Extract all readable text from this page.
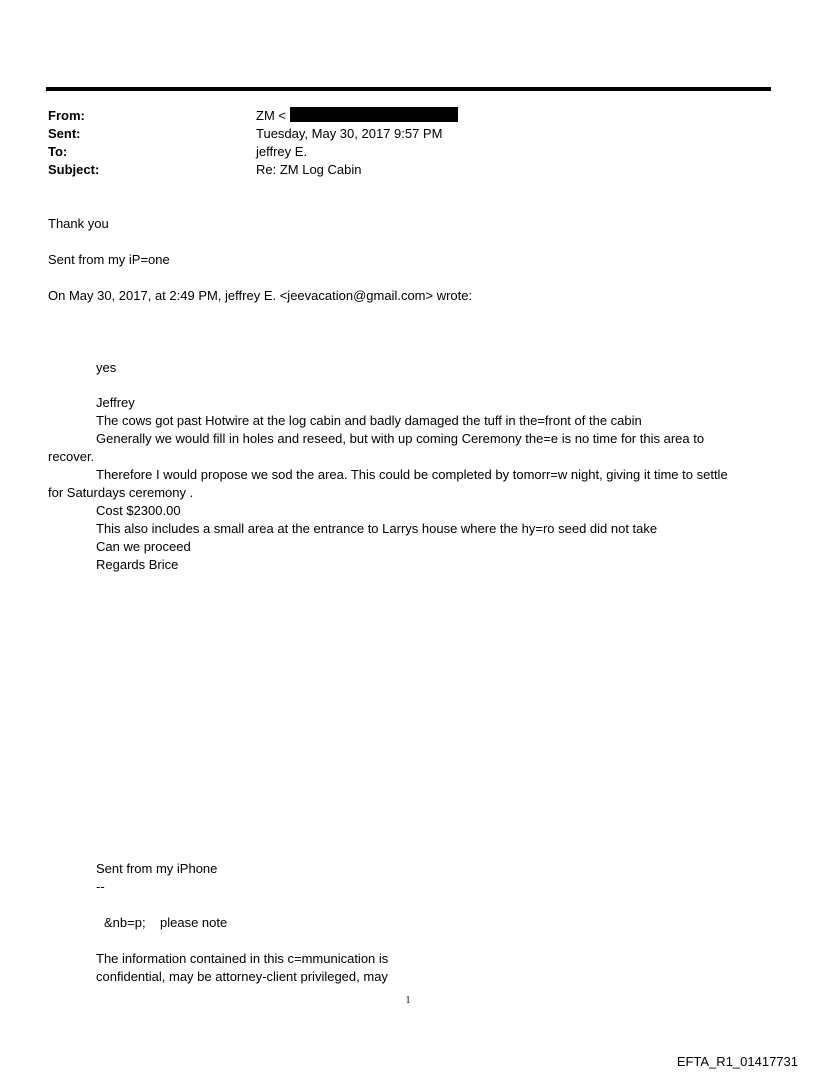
From:	ZM <
Sent:	Tuesday, May 30, 2017 9:57 PM
To:	jeffrey E.
Subject:	Re: ZM Log Cabin
Thank you
Sent from my iP=one
On May 30, 2017, at 2:49 PM, jeffrey E. <jeevacation@gmail.com> wrote:
yes
Jeffrey
The cows got past Hotwire at the log cabin and badly damaged the tuff in the=front of the cabin
Generally we would fill in holes and reseed, but with up coming Ceremony the=e is no time for this area to
recover.
Therefore I would propose we sod the area. This could be completed by tomorr=w night, giving it time to settle
for Saturdays ceremony .
Cost $2300.00
This also includes a small area at the entrance to Larrys house where the hy=ro seed did not take
Can we proceed
Regards Brice
Sent from my iPhone
--
&nb=p;    please note
The information contained in this c=mmunication is
confidential, may be attorney-client privileged, may
1
EFTA_R1_01417731
